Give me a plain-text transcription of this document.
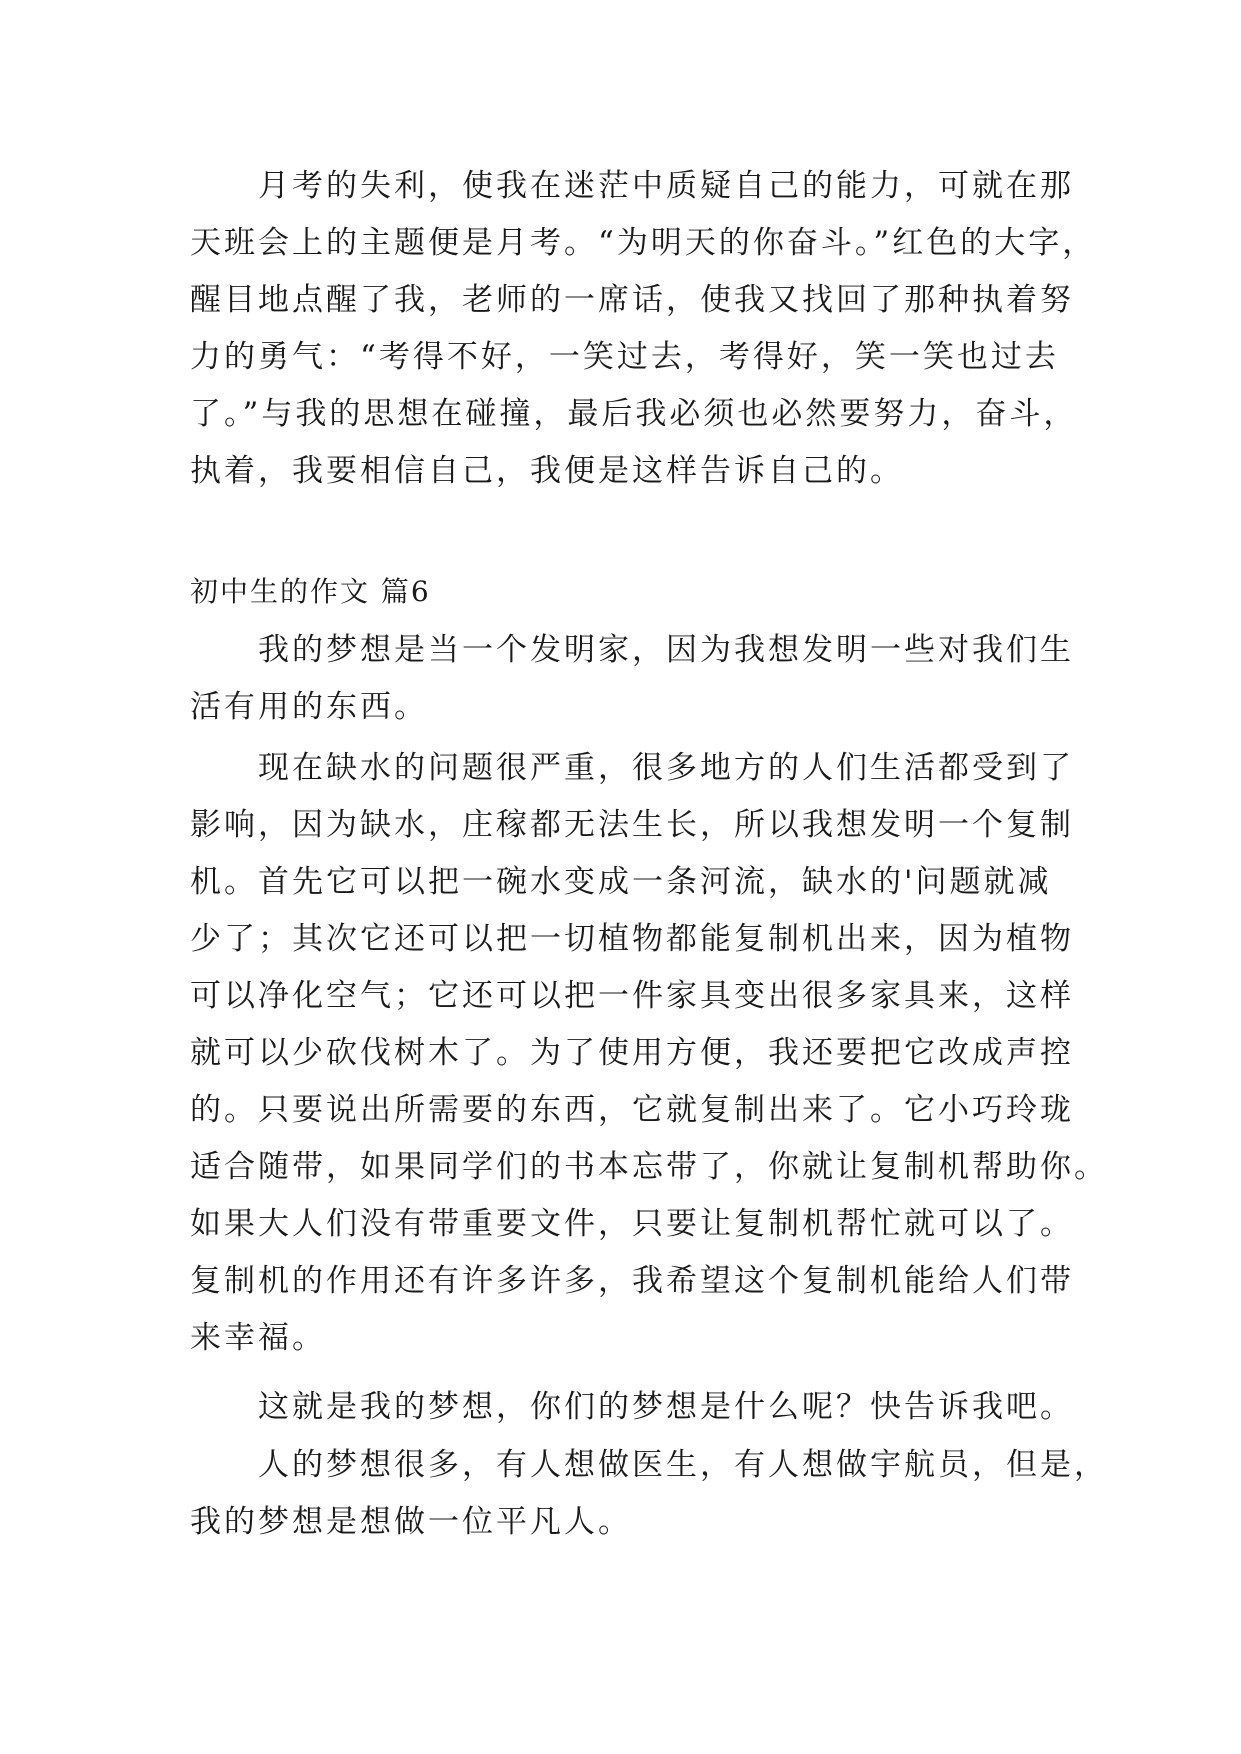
月考的失利，使我在迷茫中质疑自己的能力，可就在那
天班会上的主题便是月考。“为明天的你奋斗。”红色的大字，
醒目地点醒了我，老师的一席话，使我又找回了那种执着努
力的勇气：“考得不好，一笑过去，考得好，笑一笑也过去
了。”与我的思想在碰撞，最后我必须也必然要努力，奋斗，
执着，我要相信自己，我便是这样告诉自己的。
初中生的作文 篇6
我的梦想是当一个发明家，因为我想发明一些对我们生
活有用的东西。
现在缺水的问题很严重，很多地方的人们生活都受到了
影响，因为缺水，庄稼都无法生长，所以我想发明一个复制
机。首先它可以把一碗水变成一条河流，缺水的'问题就减
少了；其次它还可以把一切植物都能复制机出来，因为植物
可以净化空气；它还可以把一件家具变出很多家具来，这样
就可以少砍伐树木了。为了使用方便，我还要把它改成声控
的。只要说出所需要的东西，它就复制出来了。它小巧玲珑
适合随带，如果同学们的书本忘带了，你就让复制机帮助你。
如果大人们没有带重要文件，只要让复制机帮忙就可以了。
复制机的作用还有许多许多，我希望这个复制机能给人们带
来幸福。
这就是我的梦想，你们的梦想是什么呢？快告诉我吧。
人的梦想很多，有人想做医生，有人想做宇航员，但是，
我的梦想是想做一位平凡人。
